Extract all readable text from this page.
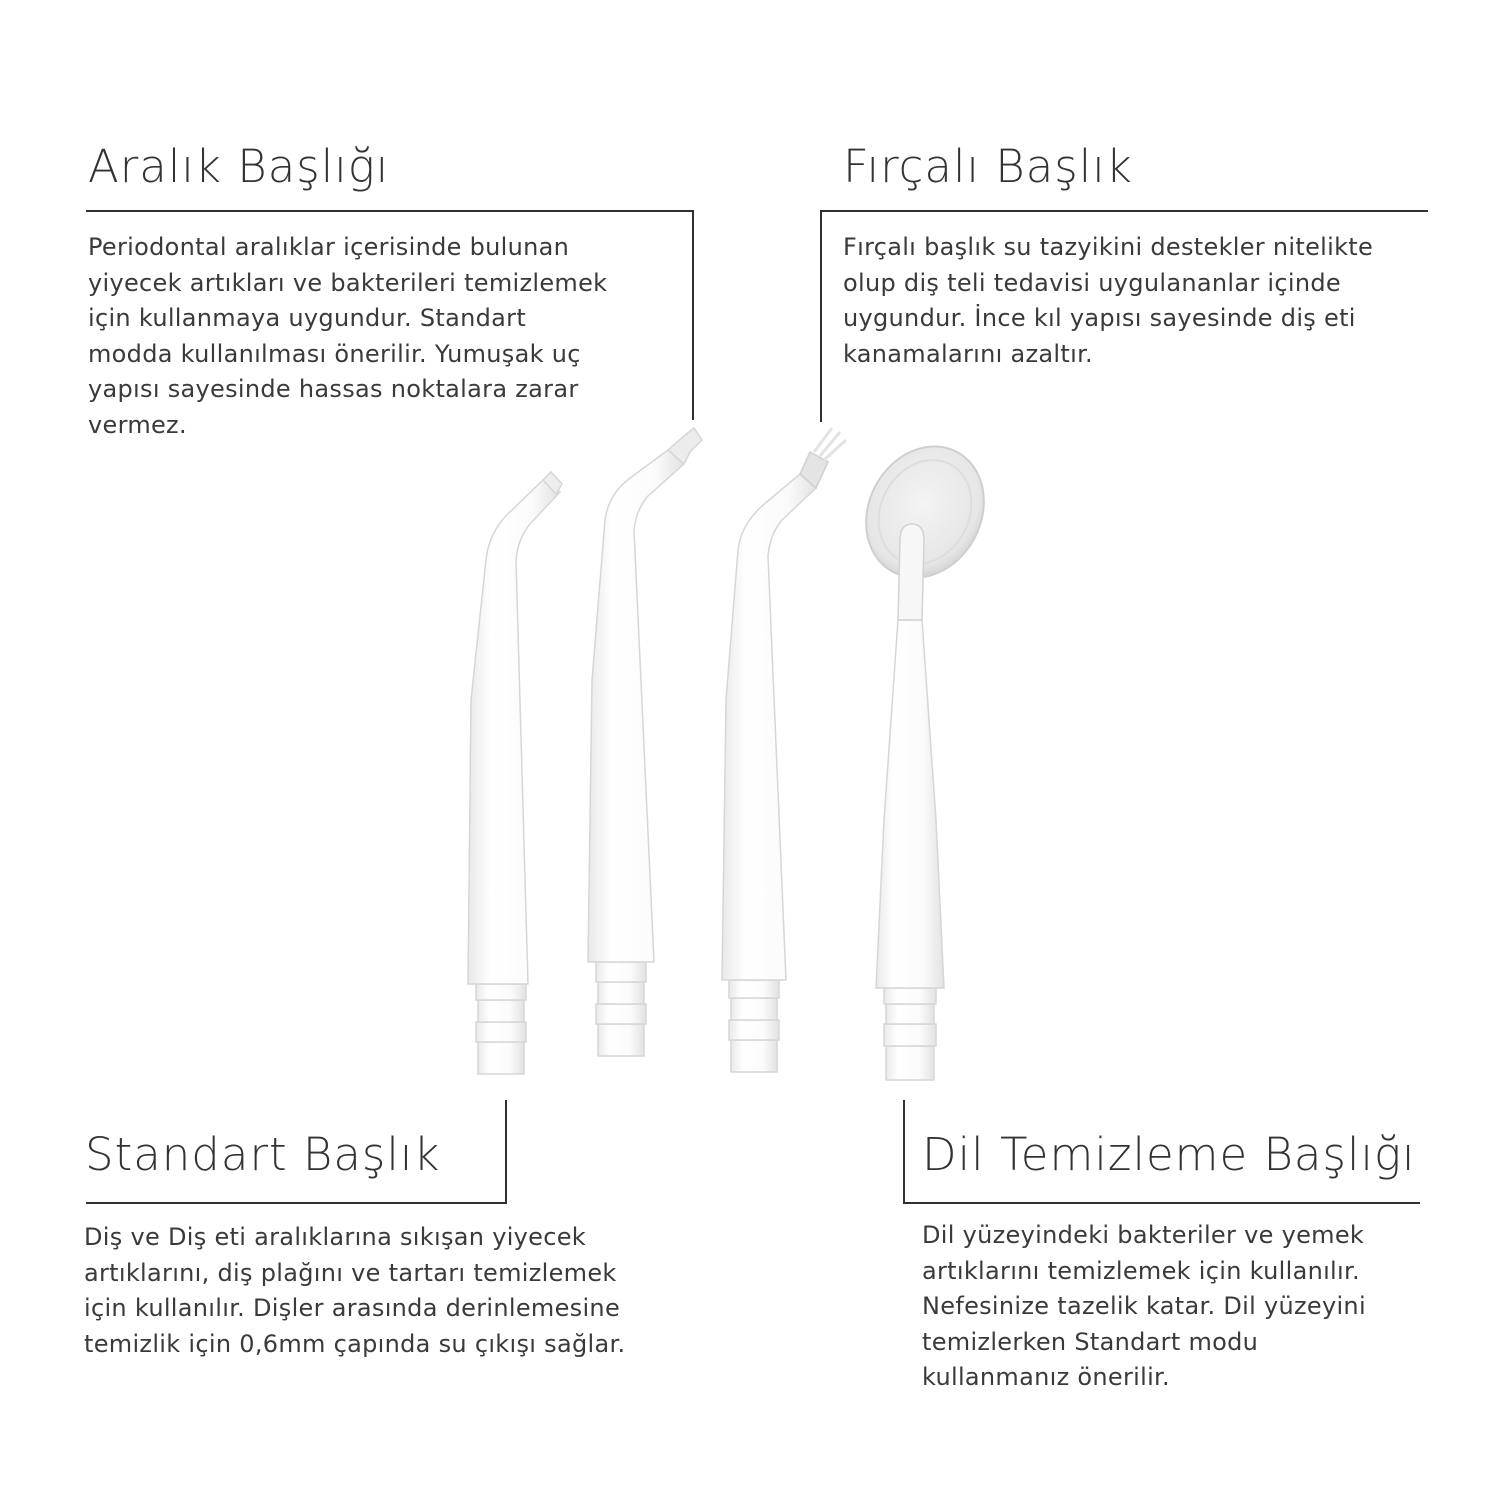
Aralık Başlığı
Periodontal aralıklar içerisinde bulunan
yiyecek artıkları ve bakterileri temizlemek
için kullanmaya uygundur. Standart
modda kullanılması önerilir. Yumuşak uç
yapısı sayesinde hassas noktalara zarar
vermez.
Fırçalı Başlık
Fırçalı başlık su tazyikini destekler nitelikte
olup diş teli tedavisi uygulananlar içinde
uygundur. İnce kıl yapısı sayesinde diş eti
kanamalarını azaltır.
Standart Başlık
Diş ve Diş eti aralıklarına sıkışan yiyecek
artıklarını, diş plağını ve tartarı temizlemek
için kullanılır. Dişler arasında derinlemesine
temizlik için 0,6mm çapında su çıkışı sağlar.
Dil Temizleme Başlığı
Dil yüzeyindeki bakteriler ve yemek
artıklarını temizlemek için kullanılır.
Nefesinize tazelik katar. Dil yüzeyini
temizlerken Standart modu
kullanmanız önerilir.
